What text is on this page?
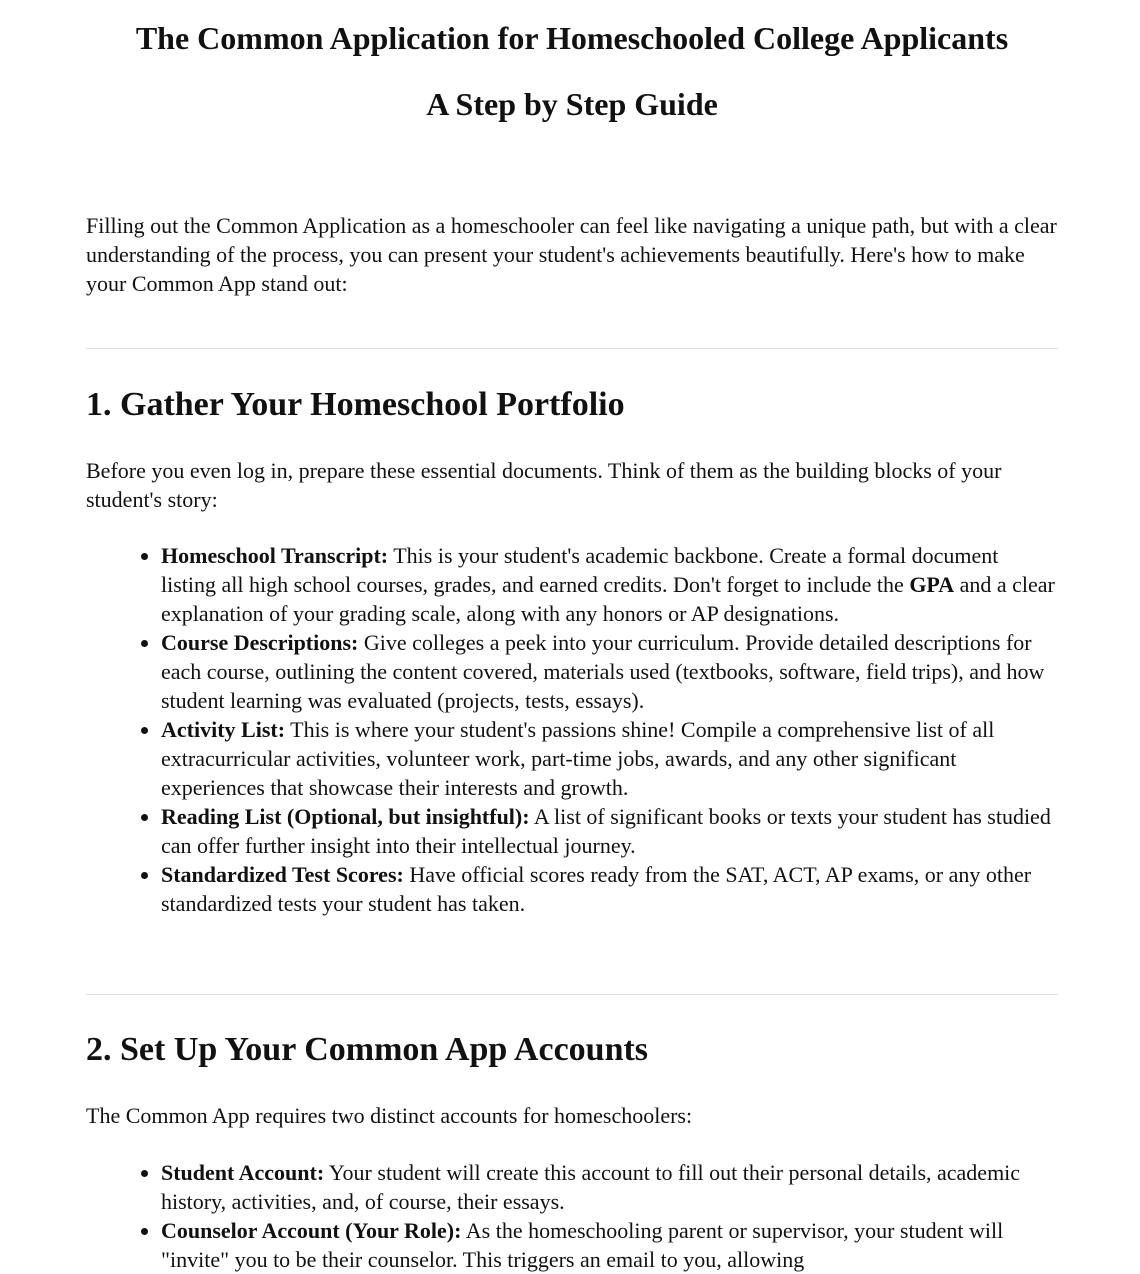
The Common Application for Homeschooled College Applicants
A Step by Step Guide

Filling out the Common Application as a homeschooler can feel like navigating a unique path, but with a clear understanding of the process, you can present your student's achievements beautifully. Here's how to make your Common App stand out:

1. Gather Your Homeschool Portfolio

Before you even log in, prepare these essential documents. Think of them as the building blocks of your student's story:

• Homeschool Transcript: This is your student's academic backbone. Create a formal document listing all high school courses, grades, and earned credits. Don't forget to include the GPA and a clear explanation of your grading scale, along with any honors or AP designations.
• Course Descriptions: Give colleges a peek into your curriculum. Provide detailed descriptions for each course, outlining the content covered, materials used (textbooks, software, field trips), and how student learning was evaluated (projects, tests, essays).
• Activity List: This is where your student's passions shine! Compile a comprehensive list of all extracurricular activities, volunteer work, part-time jobs, awards, and any other significant experiences that showcase their interests and growth.
• Reading List (Optional, but insightful): A list of significant books or texts your student has studied can offer further insight into their intellectual journey.
• Standardized Test Scores: Have official scores ready from the SAT, ACT, AP exams, or any other standardized tests your student has taken.
2. Set Up Your Common App Accounts

The Common App requires two distinct accounts for homeschoolers:

• Student Account: Your student will create this account to fill out their personal details, academic history, activities, and, of course, their essays.
• Counselor Account (Your Role): As the homeschooling parent or supervisor, your student will "invite" you to be their counselor. This triggers an email to you, allowing
